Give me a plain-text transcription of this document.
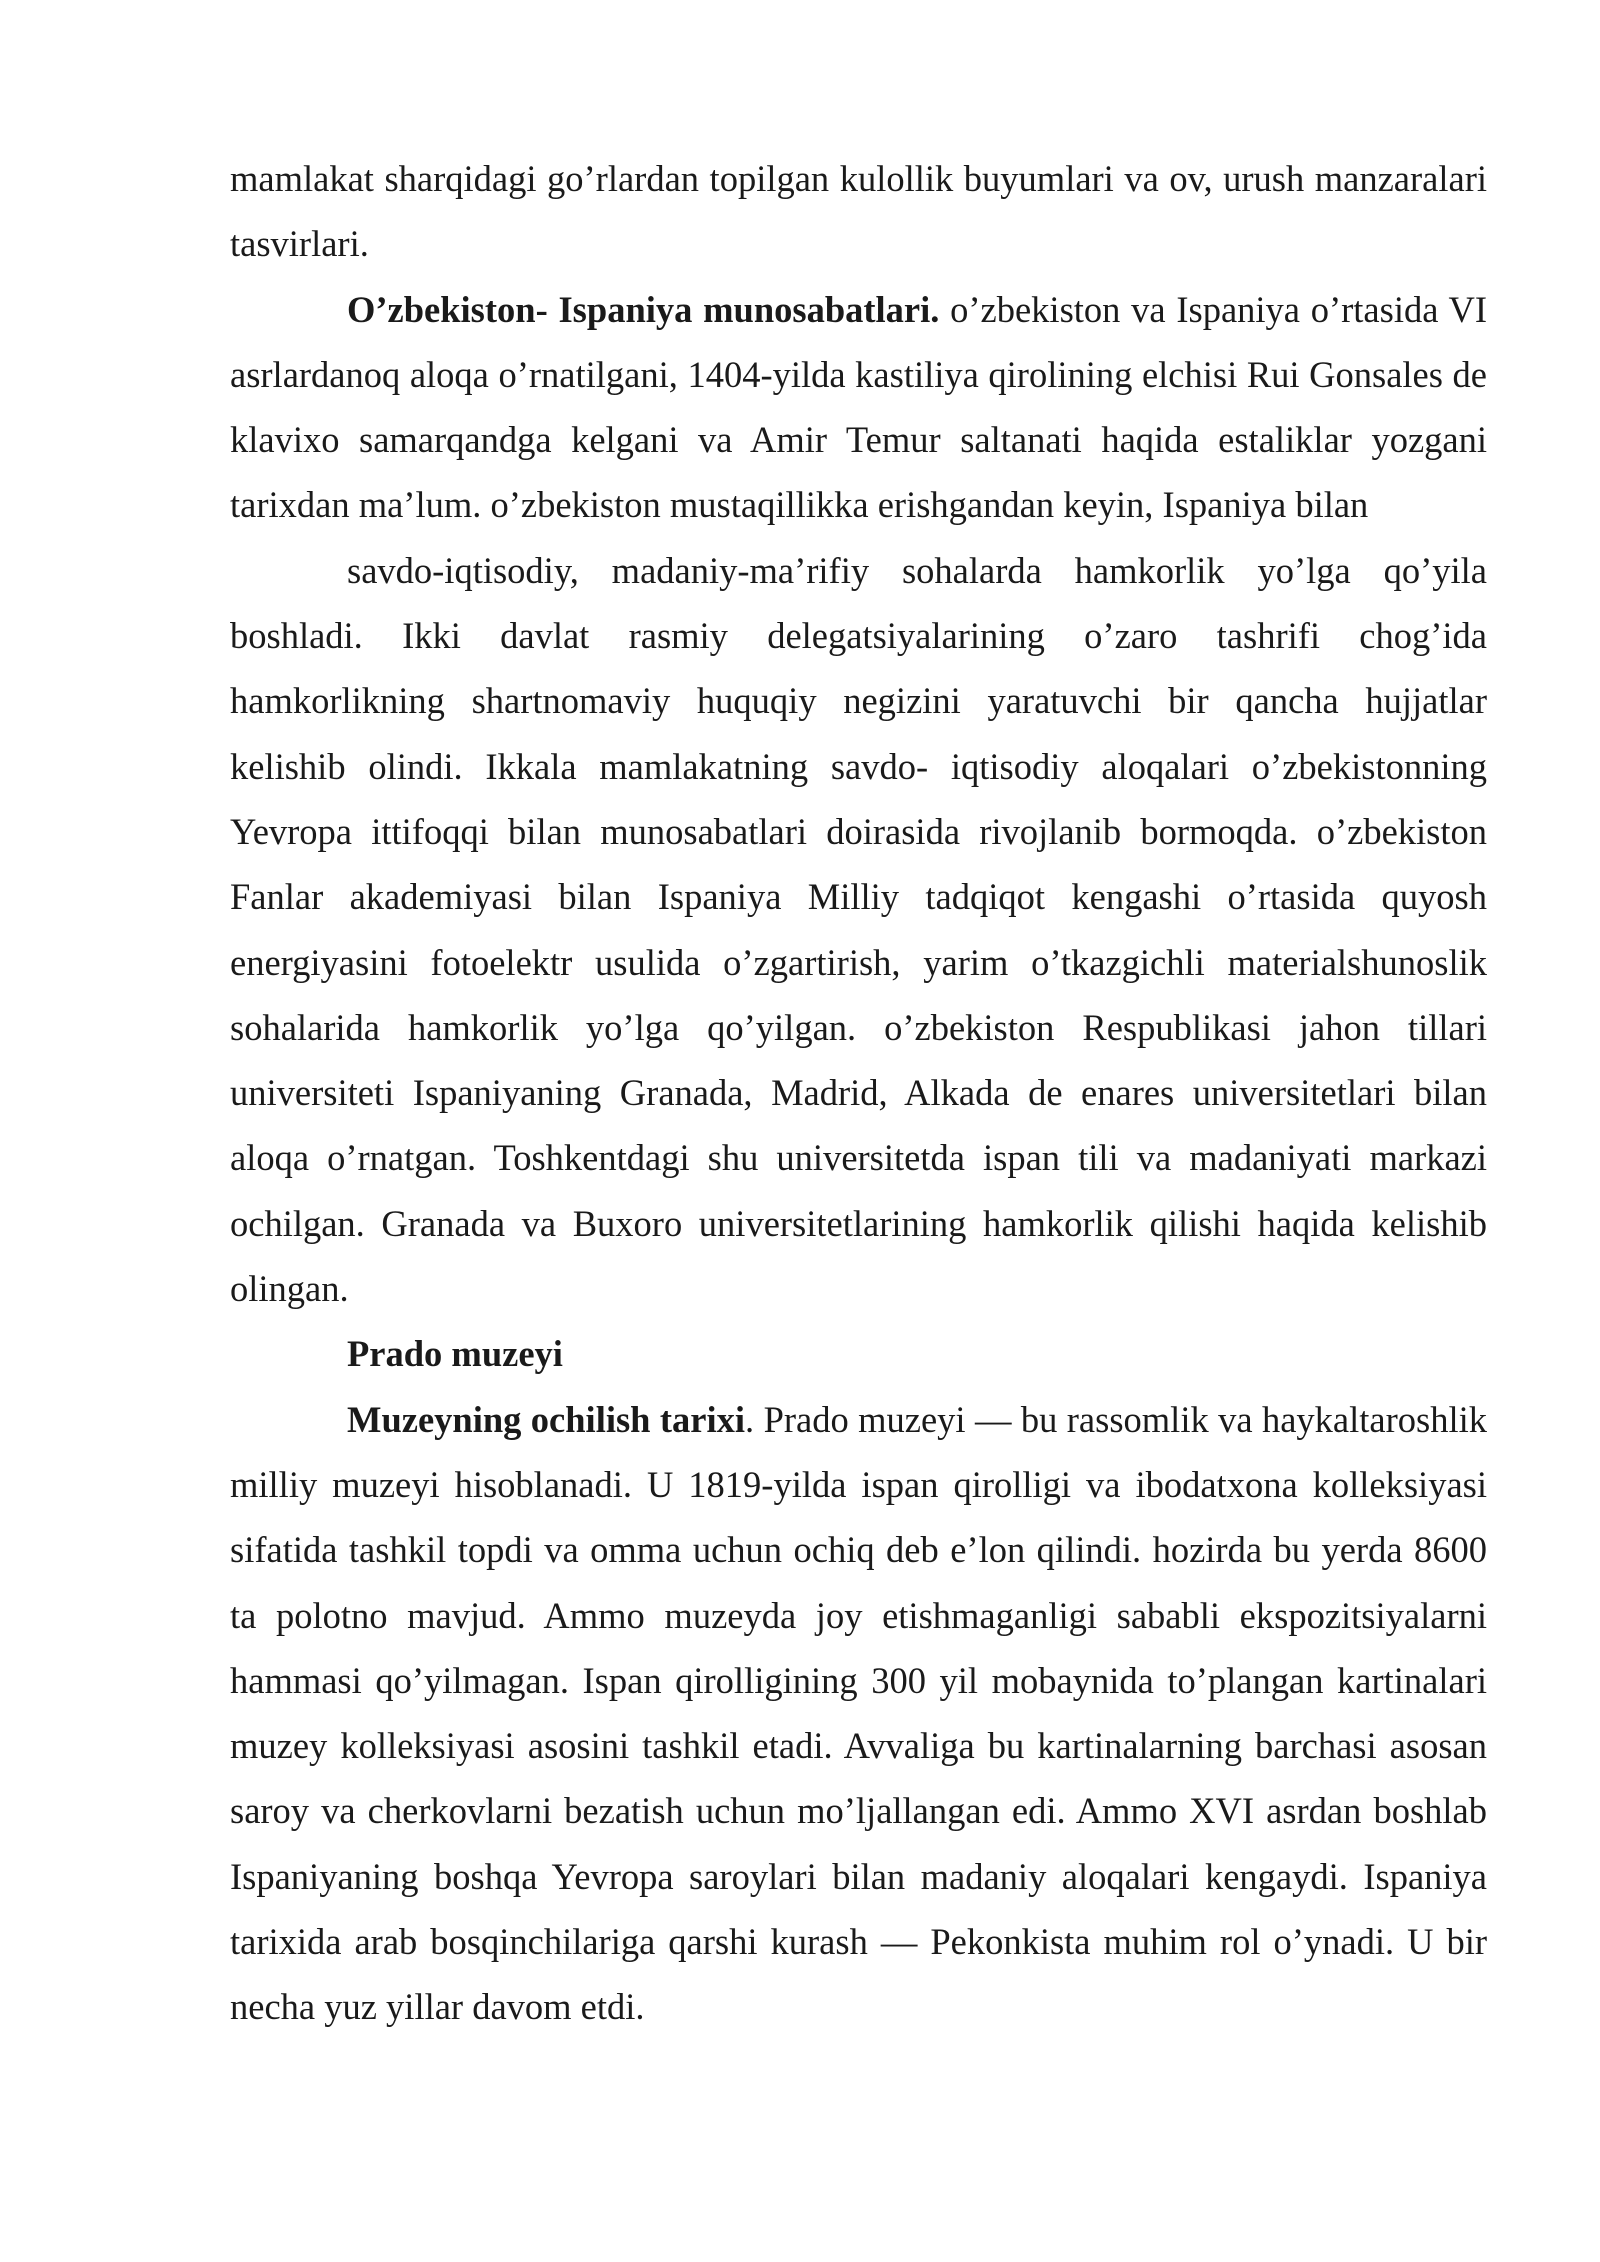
mamlakat sharqidagi go’rlardan topilgan kulollik buyumlari va ov, urush manzaralari tasvirlari.

O’zbekiston- Ispaniya munosabatlari. o’zbekiston va Ispaniya o’rtasida VI asrlardanoq aloqa o’rnatilgani, 1404-yilda kastiliya qirolining elchisi Rui Gonsales de klavixo samarqandga kelgani va Amir Temur saltanati haqida estaliklar yozgani tarixdan ma’lum. o’zbekiston mustaqillikka erishgandan keyin, Ispaniya bilan

savdo-iqtisodiy, madaniy-ma’rifiy sohalarda hamkorlik yo’lga qo’yila boshladi. Ikki davlat rasmiy delegatsiyalarining o’zaro tashrifi chog’ida hamkorlikning shartnomaviy huquqiy negizini yaratuvchi bir qancha hujjatlar kelishib olindi. Ikkala mamlakatning savdo- iqtisodiy aloqalari o’zbekistonning Yevropa ittifoqqi bilan munosabatlari doirasida rivojlanib bormoqda. o’zbekiston Fanlar akademiyasi bilan Ispaniya Milliy tadqiqot kengashi o’rtasida quyosh energiyasini fotoelektr usulida o’zgartirish, yarim o’tkazgichli materialshunoslik sohalarida hamkorlik yo’lga qo’yilgan. o’zbekiston Respublikasi jahon tillari universiteti Ispaniyaning Granada, Madrid, Alkada de enares universitetlari bilan aloqa o’rnatgan. Toshkentdagi shu universitetda ispan tili va madaniyati markazi ochilgan. Granada va Buxoro universitetlarining hamkorlik qilishi haqida kelishib olingan.

Prado muzeyi

Muzeyning ochilish tarixi. Prado muzeyi — bu rassomlik va haykaltaroshlik milliy muzeyi hisoblanadi. U 1819-yilda ispan qirolligi va ibodatxona kolleksiyasi sifatida tashkil topdi va omma uchun ochiq deb e’lon qilindi. hozirda bu yerda 8600 ta polotno mavjud. Ammo muzeyda joy etishmaganligi sababli ekspozitsiyalarni hammasi qo’yilmagan. Ispan qirolligining 300 yil mobaynida to’plangan kartinalari muzey kolleksiyasi asosini tashkil etadi. Avvaliga bu kartinalarning barchasi asosan saroy va cherkovlarni bezatish uchun mo’ljallangan edi. Ammo XVI asrdan boshlab Ispaniyaning boshqa Yevropa saroylari bilan madaniy aloqalari kengaydi. Ispaniya tarixida arab bosqinchilariga qarshi kurash — Pekonkista muhim rol o’ynadi. U bir necha yuz yillar davom etdi.
